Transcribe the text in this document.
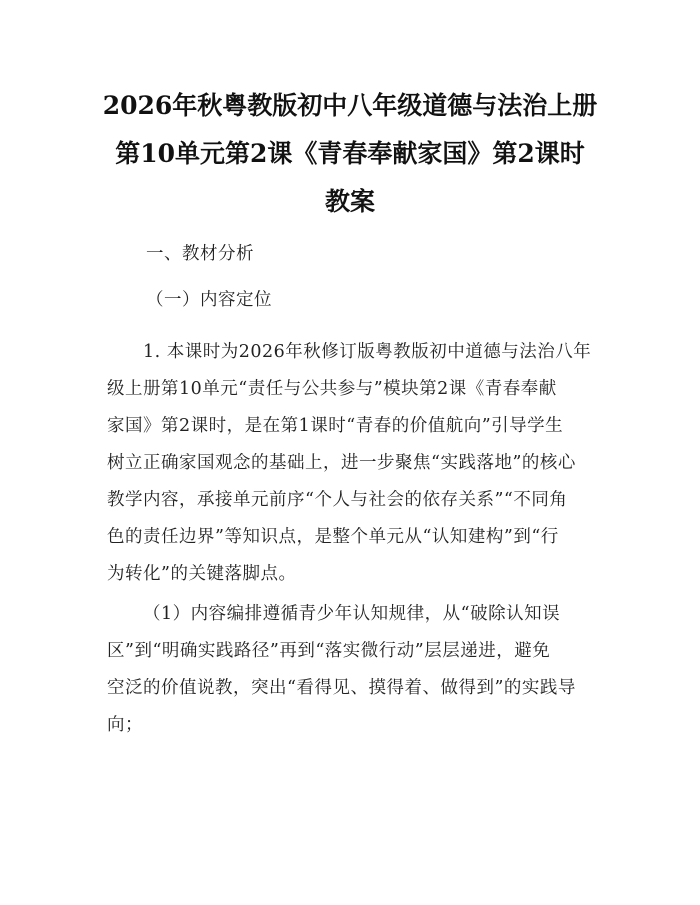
2026年秋粤教版初中八年级道德与法治上册
第10单元第2课《青春奉献家国》第2课时
教案
一、教材分析
（一）内容定位
1. 本课时为2026年秋修订版粤教版初中道德与法治八年
级上册第10单元“责任与公共参与”模块第2课《青春奉献
家国》第2课时，是在第1课时“青春的价值航向”引导学生
树立正确家国观念的基础上，进一步聚焦“实践落地”的核心
教学内容，承接单元前序“个人与社会的依存关系”“不同角
色的责任边界”等知识点，是整个单元从“认知建构”到“行
为转化”的关键落脚点。
（1）内容编排遵循青少年认知规律，从“破除认知误
区”到“明确实践路径”再到“落实微行动”层层递进，避免
空泛的价值说教，突出“看得见、摸得着、做得到”的实践导
向；
